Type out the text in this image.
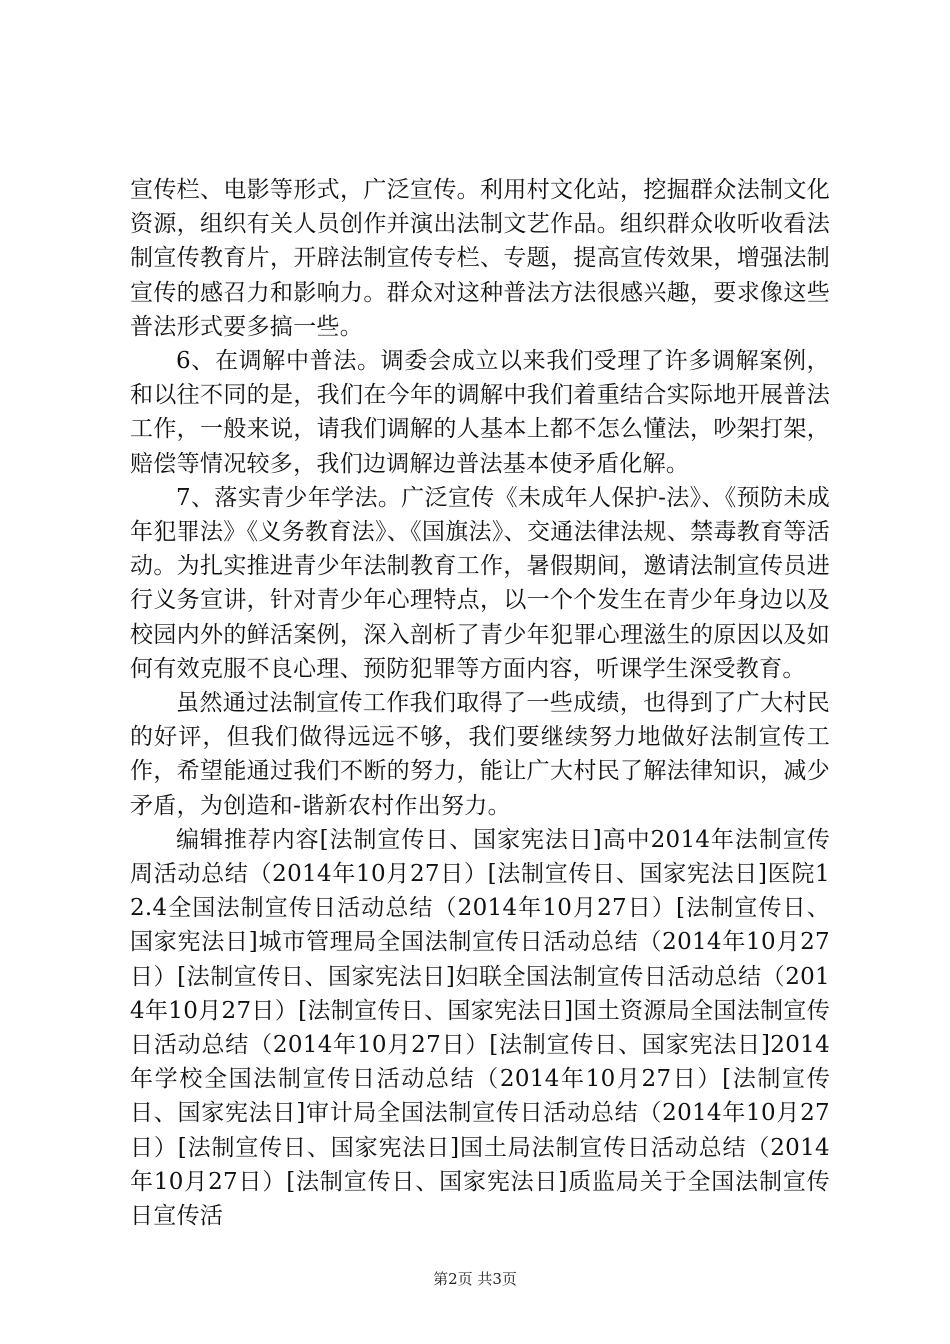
宣传栏、电影等形式，广泛宣传。利用村文化站，挖掘群众法制文化资源，组织有关人员创作并演出法制文艺作品。组织群众收听收看法制宣传教育片，开辟法制宣传专栏、专题，提高宣传效果，增强法制宣传的感召力和影响力。群众对这种普法方法很感兴趣，要求像这些普法形式要多搞一些。

6、在调解中普法。调委会成立以来我们受理了许多调解案例，和以往不同的是，我们在今年的调解中我们着重结合实际地开展普法工作，一般来说，请我们调解的人基本上都不怎么懂法，吵架打架，赔偿等情况较多，我们边调解边普法基本使矛盾化解。

7、落实青少年学法。广泛宣传《未成年人保护-法》、《预防未成年犯罪法》《义务教育法》、《国旗法》、交通法律法规、禁毒教育等活动。为扎实推进青少年法制教育工作，暑假期间，邀请法制宣传员进行义务宣讲，针对青少年心理特点，以一个个发生在青少年身边以及校园内外的鲜活案例，深入剖析了青少年犯罪心理滋生的原因以及如何有效克服不良心理、预防犯罪等方面内容，听课学生深受教育。

虽然通过法制宣传工作我们取得了一些成绩，也得到了广大村民的好评，但我们做得远远不够，我们要继续努力地做好法制宣传工作，希望能通过我们不断的努力，能让广大村民了解法律知识，减少矛盾，为创造和-谐新农村作出努力。

编辑推荐内容[法制宣传日、国家宪法日]高中2014年法制宣传周活动总结（2014年10月27日）[法制宣传日、国家宪法日]医院12.4全国法制宣传日活动总结（2014年10月27日）[法制宣传日、国家宪法日]城市管理局全国法制宣传日活动总结（2014年10月27日）[法制宣传日、国家宪法日]妇联全国法制宣传日活动总结（2014年10月27日）[法制宣传日、国家宪法日]国土资源局全国法制宣传日活动总结（2014年10月27日）[法制宣传日、国家宪法日]2014年学校全国法制宣传日活动总结（2014年10月27日）[法制宣传日、国家宪法日]审计局全国法制宣传日活动总结（2014年10月27日）[法制宣传日、国家宪法日]国土局法制宣传日活动总结（2014年10月27日）[法制宣传日、国家宪法日]质监局关于全国法制宣传日宣传活

第2页 共3页
